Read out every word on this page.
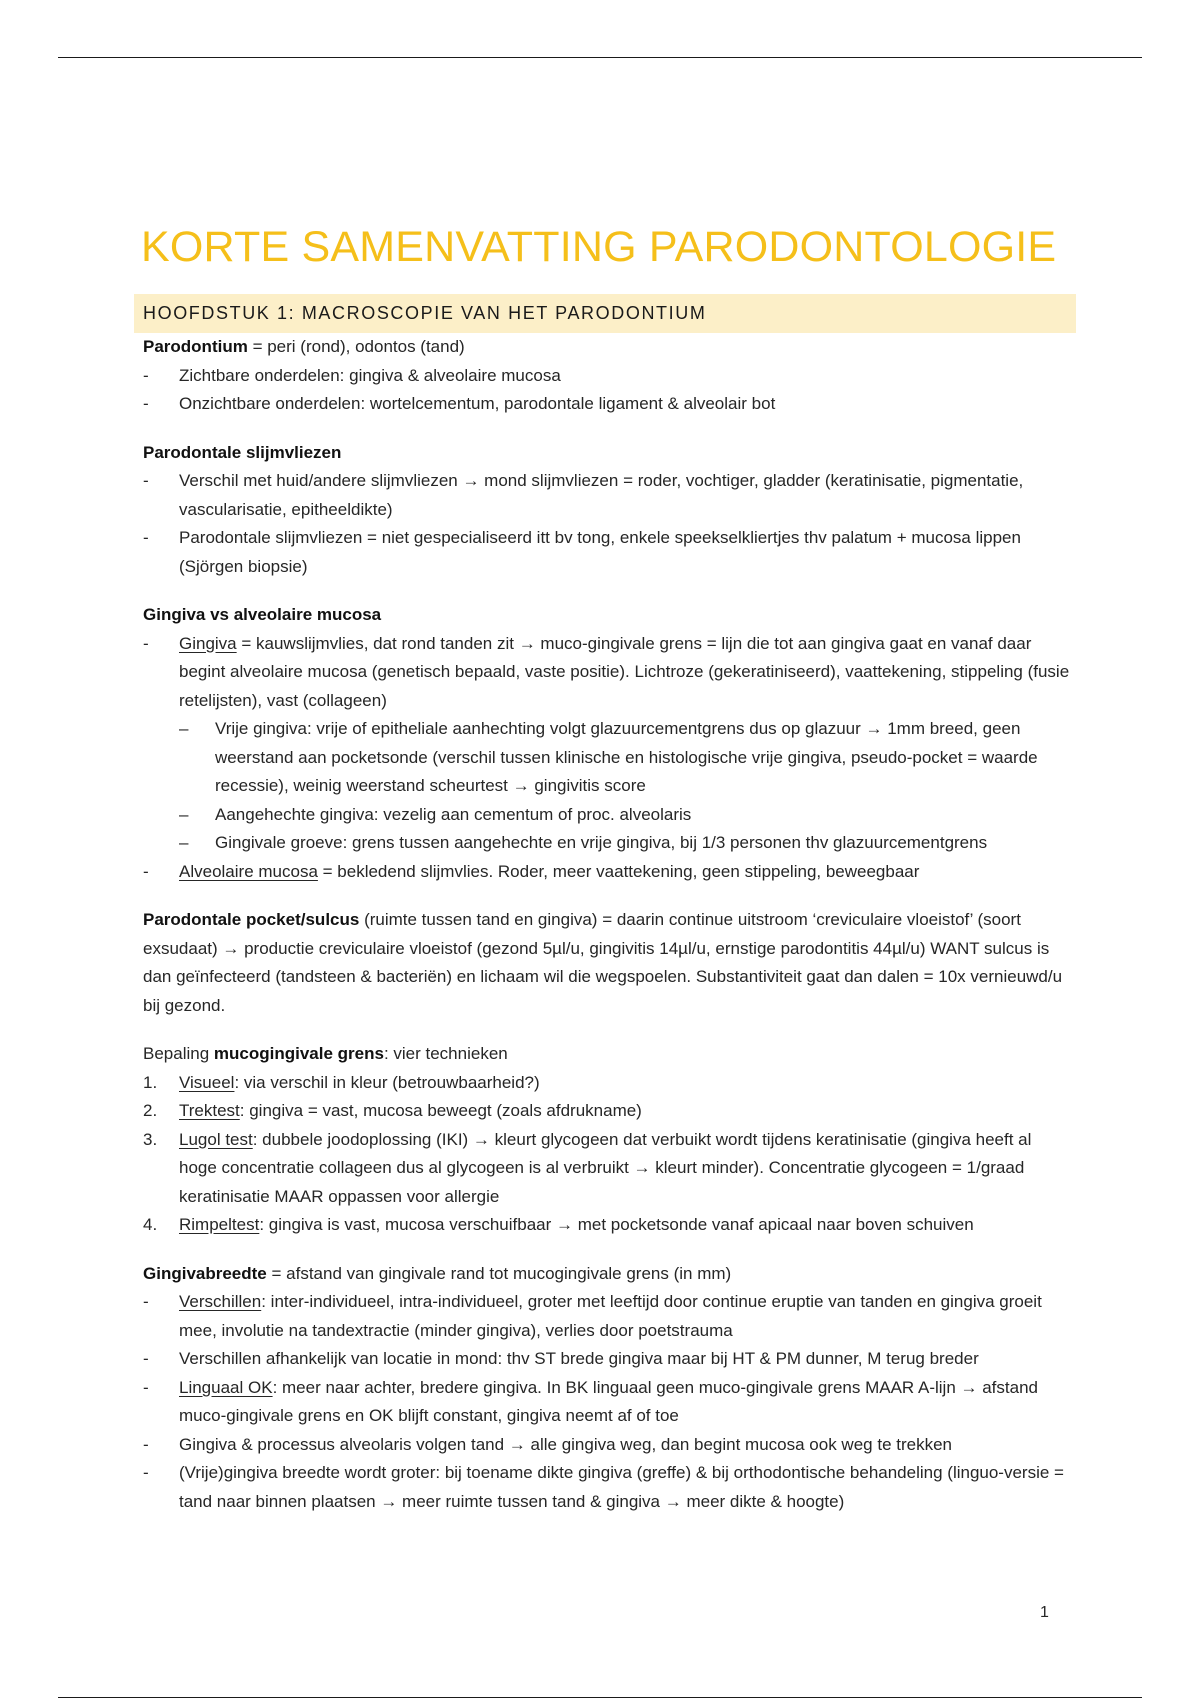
KORTE SAMENVATTING PARODONTOLOGIE
HOOFDSTUK 1: MACROSCOPIE VAN HET PARODONTIUM

Parodontium = peri (rond), odontos (tand)

- Zichtbare onderdelen: gingiva & alveolaire mucosa
- Onzichtbare onderdelen: wortelcementum, parodontale ligament & alveolair bot

Parodontale slijmvliezen

- Verschil met huid/andere slijmvliezen → mond slijmvliezen = roder, vochtiger, gladder (keratinisatie, pigmentatie, vascularisatie, epitheeldikte)
- Parodontale slijmvliezen = niet gespecialiseerd itt bv tong, enkele speekselkliertjes thv palatum + mucosa lippen (Sjörgen biopsie)

Gingiva vs alveolaire mucosa

- Gingiva = kauwslijmvlies, dat rond tanden zit → muco-gingivale grens = lijn die tot aan gingiva gaat en vanaf daar begint alveolaire mucosa (genetisch bepaald, vaste positie). Lichtroze (gekeratiniseerd), vaattekening, stippeling (fusie retelijsten), vast (collageen)
– Vrije gingiva: vrije of epitheliale aanhechting volgt glazuurcementgrens dus op glazuur → 1mm breed, geen weerstand aan pocketsonde (verschil tussen klinische en histologische vrije gingiva, pseudo-pocket = waarde recessie), weinig weerstand scheurtest → gingivitis score
– Aangehechte gingiva: vezelig aan cementum of proc. alveolaris
– Gingivale groeve: grens tussen aangehechte en vrije gingiva, bij 1/3 personen thv glazuurcementgrens
- Alveolaire mucosa = bekledend slijmvlies. Roder, meer vaattekening, geen stippeling, beweegbaar

Parodontale pocket/sulcus (ruimte tussen tand en gingiva) = daarin continue uitstroom ‘creviculaire vloeistof’ (soort exsudaat) → productie creviculaire vloeistof (gezond 5µl/u, gingivitis 14µl/u, ernstige parodontitis 44µl/u) WANT sulcus is dan geïnfecteerd (tandsteen & bacteriën) en lichaam wil die wegspoelen. Substantiviteit gaat dan dalen = 10x vernieuwd/u bij gezond.

Bepaling mucogingivale grens: vier technieken

1. Visueel: via verschil in kleur (betrouwbaarheid?)
2. Trektest: gingiva = vast, mucosa beweegt (zoals afdrukname)
3. Lugol test: dubbele joodoplossing (IKI) → kleurt glycogeen dat verbuikt wordt tijdens keratinisatie (gingiva heeft al hoge concentratie collageen dus al glycogeen is al verbruikt → kleurt minder). Concentratie glycogeen = 1/graad keratinisatie MAAR oppassen voor allergie
4. Rimpeltest: gingiva is vast, mucosa verschuifbaar → met pocketsonde vanaf apicaal naar boven schuiven

Gingivabreedte = afstand van gingivale rand tot mucogingivale grens (in mm)

- Verschillen: inter-individueel, intra-individueel, groter met leeftijd door continue eruptie van tanden en gingiva groeit mee, involutie na tandextractie (minder gingiva), verlies door poetstrauma
- Verschillen afhankelijk van locatie in mond: thv ST brede gingiva maar bij HT & PM dunner, M terug breder
- Linguaal OK: meer naar achter, bredere gingiva. In BK linguaal geen muco-gingivale grens MAAR A-lijn → afstand muco-gingivale grens en OK blijft constant, gingiva neemt af of toe
- Gingiva & processus alveolaris volgen tand → alle gingiva weg, dan begint mucosa ook weg te trekken
- (Vrije)gingiva breedte wordt groter: bij toename dikte gingiva (greffe) & bij orthodontische behandeling (linguo-versie = tand naar binnen plaatsen → meer ruimte tussen tand & gingiva → meer dikte & hoogte)
1
